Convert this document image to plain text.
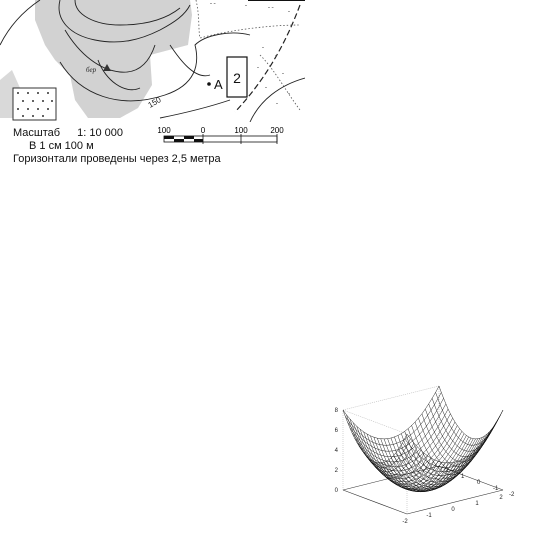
ˇ ˇ	ˇ	ˇ ˇ
ˇ
ˇ
ˇ
ˇ
ˇ
ˇ
ˇ
ˇ
A 2
150
бер
Масштаб 1: 10 000
В 1 см 100 м
Горизонтали проведены через 2,5 метра
100	0	100	200
0
2
4
6
8
-2
-1
0
1
2
2
1
0
-1
-2
